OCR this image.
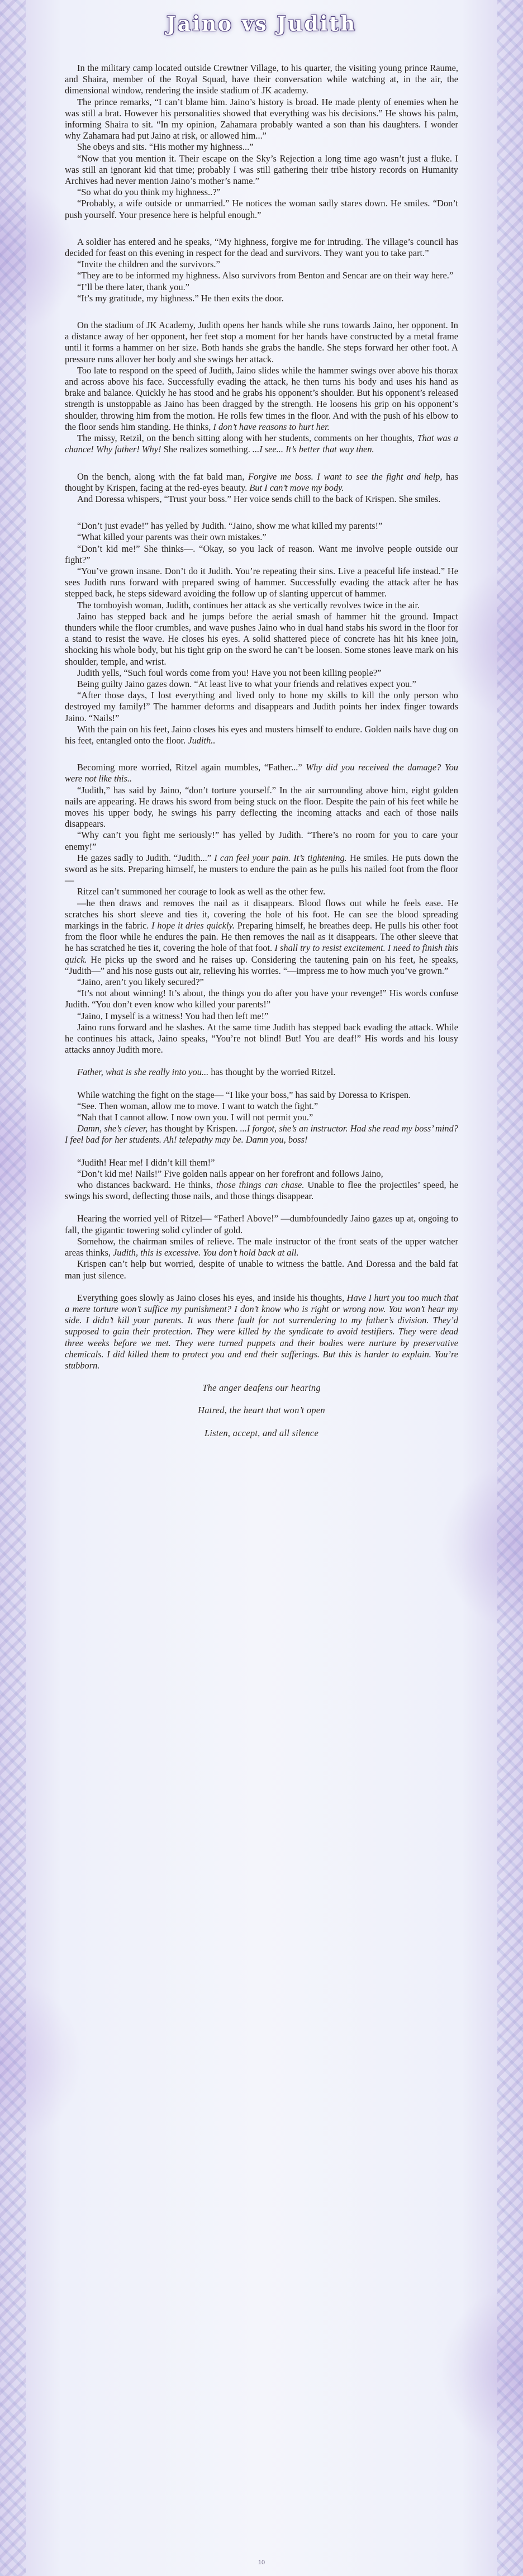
Jaino vs Judith

In the military camp located outside Crewtner Village, to his quarter, the visiting young prince Raume, and Shaira, member of the Royal Squad, have their conversation while watching at, in the air, the dimensional window, rendering the inside stadium of JK academy.

The prince remarks, “I can’t blame him. Jaino’s history is broad. He made plenty of enemies when he was still a brat. However his personalities showed that everything was his decisions.” He shows his palm, informing Shaira to sit. “In my opinion, Zahamara probably wanted a son than his daughters. I wonder why Zahamara had put Jaino at risk, or allowed him...”

She obeys and sits. “His mother my highness...”

“Now that you mention it. Their escape on the Sky’s Rejection a long time ago wasn’t just a fluke. I was still an ignorant kid that time; probably I was still gathering their tribe history records on Humanity Archives had never mention Jaino’s mother’s name.”

“So what do you think my highness..?”

“Probably, a wife outside or unmarried.” He notices the woman sadly stares down. He smiles. “Don’t push yourself. Your presence here is helpful enough.”

A soldier has entered and he speaks, “My highness, forgive me for intruding. The village’s council has decided for feast on this evening in respect for the dead and survivors. They want you to take part.”

“Invite the children and the survivors.”

“They are to be informed my highness. Also survivors from Benton and Sencar are on their way here.”

“I’ll be there later, thank you.”

“It’s my gratitude, my highness.” He then exits the door.

On the stadium of JK Academy, Judith opens her hands while she runs towards Jaino, her opponent. In a distance away of her opponent, her feet stop a moment for her hands have constructed by a metal frame until it forms a hammer on her size. Both hands she grabs the handle. She steps forward her other foot. A pressure runs allover her body and she swings her attack.

Too late to respond on the speed of Judith, Jaino slides while the hammer swings over above his thorax and across above his face. Successfully evading the attack, he then turns his body and uses his hand as brake and balance. Quickly he has stood and he grabs his opponent’s shoulder. But his opponent’s released strength is unstoppable as Jaino has been dragged by the strength. He loosens his grip on his opponent’s shoulder, throwing him from the motion. He rolls few times in the floor. And with the push of his elbow to the floor sends him standing. He thinks, I don’t have reasons to hurt her.

The missy, Retzil, on the bench sitting along with her students, comments on her thoughts, That was a chance! Why father! Why! She realizes something. ...I see... It’s better that way then.

On the bench, along with the fat bald man, Forgive me boss. I want to see the fight and help, has thought by Krispen, facing at the red-eyes beauty. But I can’t move my body.

And Doressa whispers, “Trust your boss.” Her voice sends chill to the back of Krispen. She smiles.

“Don’t just evade!” has yelled by Judith. “Jaino, show me what killed my parents!”

“What killed your parents was their own mistakes.”

“Don’t kid me!” She thinks—. “Okay, so you lack of reason. Want me involve people outside our fight?”

“You’ve grown insane. Don’t do it Judith. You’re repeating their sins. Live a peaceful life instead.” He sees Judith runs forward with prepared swing of hammer. Successfully evading the attack after he has stepped back, he steps sideward avoiding the follow up of slanting uppercut of hammer.

The tomboyish woman, Judith, continues her attack as she vertically revolves twice in the air.

Jaino has stepped back and he jumps before the aerial smash of hammer hit the ground. Impact thunders while the floor crumbles, and wave pushes Jaino who in dual hand stabs his sword in the floor for a stand to resist the wave. He closes his eyes. A solid shattered piece of concrete has hit his knee join, shocking his whole body, but his tight grip on the sword he can’t be loosen. Some stones leave mark on his shoulder, temple, and wrist.

Judith yells, “Such foul words come from you! Have you not been killing people?”

Being guilty Jaino gazes down. “At least live to what your friends and relatives expect you.”

“After those days, I lost everything and lived only to hone my skills to kill the only person who destroyed my family!” The hammer deforms and disappears and Judith points her index finger towards Jaino. “Nails!”

With the pain on his feet, Jaino closes his eyes and musters himself to endure. Golden nails have dug on his feet, entangled onto the floor. Judith..

Becoming more worried, Ritzel again mumbles, “Father...” Why did you received the damage? You were not like this..

“Judith,” has said by Jaino, “don’t torture yourself.” In the air surrounding above him, eight golden nails are appearing. He draws his sword from being stuck on the floor. Despite the pain of his feet while he moves his upper body, he swings his parry deflecting the incoming attacks and each of those nails disappears.

“Why can’t you fight me seriously!” has yelled by Judith. “There’s no room for you to care your enemy!”

He gazes sadly to Judith. “Judith...” I can feel your pain. It’s tightening. He smiles. He puts down the sword as he sits. Preparing himself, he musters to endure the pain as he pulls his nailed foot from the floor—

Ritzel can’t summoned her courage to look as well as the other few.

—he then draws and removes the nail as it disappears. Blood flows out while he feels ease. He scratches his short sleeve and ties it, covering the hole of his foot. He can see the blood spreading markings in the fabric. I hope it dries quickly. Preparing himself, he breathes deep. He pulls his other foot from the floor while he endures the pain. He then removes the nail as it disappears. The other sleeve that he has scratched he ties it, covering the hole of that foot. I shall try to resist excitement. I need to finish this quick. He picks up the sword and he raises up. Considering the tautening pain on his feet, he speaks, “Judith—” and his nose gusts out air, relieving his worries. “—impress me to how much you’ve grown.”

“Jaino, aren’t you likely secured?”

“It’s not about winning! It’s about, the things you do after you have your revenge!” His words confuse Judith. “You don’t even know who killed your parents!”

“Jaino, I myself is a witness! You had then left me!”

Jaino runs forward and he slashes. At the same time Judith has stepped back evading the attack. While he continues his attack, Jaino speaks, “You’re not blind! But! You are deaf!” His words and his lousy attacks annoy Judith more.

Father, what is she really into you... has thought by the worried Ritzel.

While watching the fight on the stage— “I like your boss,” has said by Doressa to Krispen.

“See. Then woman, allow me to move. I want to watch the fight.”

“Nah that I cannot allow. I now own you. I will not permit you.”

Damn, she’s clever, has thought by Krispen. ...I forgot, she’s an instructor. Had she read my boss’ mind? I feel bad for her students. Ah! telepathy may be. Damn you, boss!

“Judith! Hear me! I didn’t kill them!”

“Don’t kid me! Nails!” Five golden nails appear on her forefront and follows Jaino,

who distances backward. He thinks, those things can chase. Unable to flee the projectiles’ speed, he swings his sword, deflecting those nails, and those things disappear.

Hearing the worried yell of Ritzel— “Father! Above!” —dumbfoundedly Jaino gazes up at, ongoing to fall, the gigantic towering solid cylinder of gold.

Somehow, the chairman smiles of relieve. The male instructor of the front seats of the upper watcher areas thinks, Judith, this is excessive. You don’t hold back at all.

Krispen can’t help but worried, despite of unable to witness the battle. And Doressa and the bald fat man just silence.

Everything goes slowly as Jaino closes his eyes, and inside his thoughts, Have I hurt you too much that a mere torture won’t suffice my punishment? I don’t know who is right or wrong now. You won’t hear my side. I didn’t kill your parents. It was there fault for not surrendering to my father’s division. They’d supposed to gain their protection. They were killed by the syndicate to avoid testifiers. They were dead three weeks before we met. They were turned puppets and their bodies were nurture by preservative chemicals. I did killed them to protect you and end their sufferings. But this is harder to explain. You’re stubborn.

The anger deafens our hearing

Hatred, the heart that won’t open

Listen, accept, and all silence

10
